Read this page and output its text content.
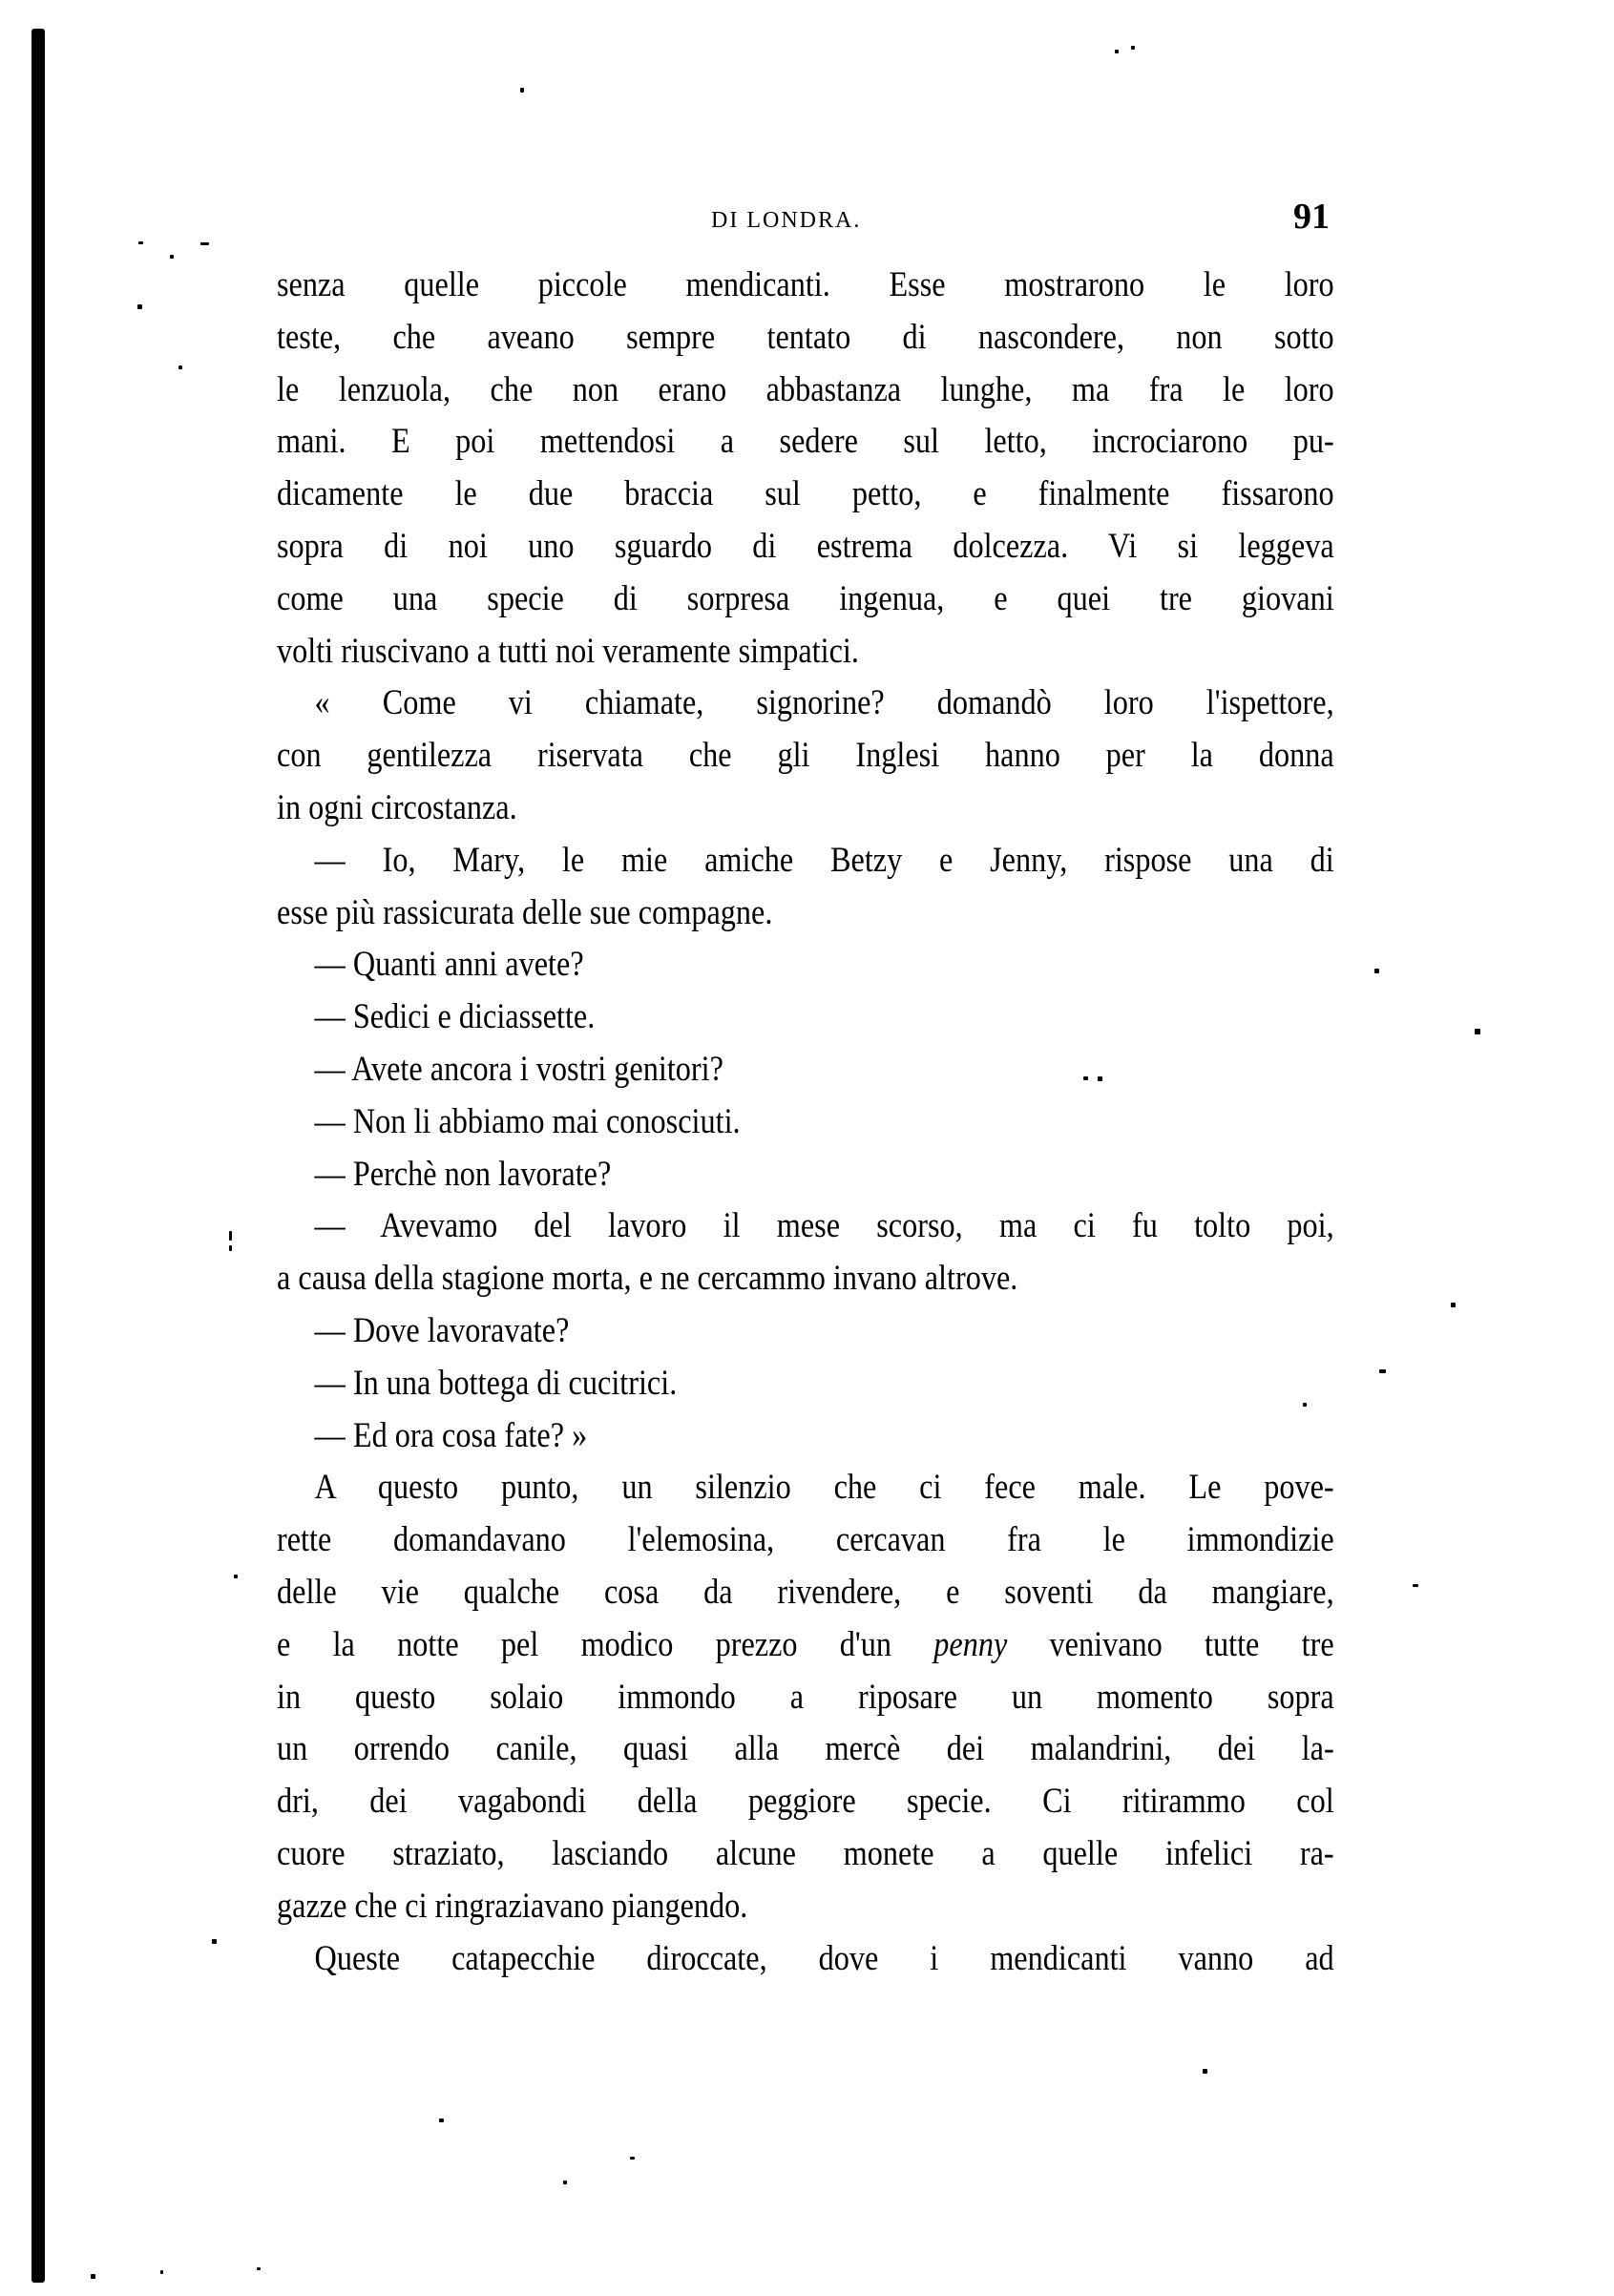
DI LONDRA.	91
senza quelle piccole mendicanti. Esse mostrarono le loro
teste, che aveano sempre tentato di nascondere, non sotto
le lenzuola, che non erano abbastanza lunghe, ma fra le loro
mani. E poi mettendosi a sedere sul letto, incrociarono pu-
dicamente le due braccia sul petto, e finalmente fissarono
sopra di noi uno sguardo di estrema dolcezza. Vi si leggeva
come una specie di sorpresa ingenua, e quei tre giovani
volti riuscivano a tutti noi veramente simpatici.
« Come vi chiamate, signorine? domandò loro l'ispettore,
con gentilezza riservata che gli Inglesi hanno per la donna
in ogni circostanza.
— Io, Mary, le mie amiche Betzy e Jenny, rispose una di
esse più rassicurata delle sue compagne.
— Quanti anni avete?
— Sedici e diciassette.
— Avete ancora i vostri genitori?
— Non li abbiamo mai conosciuti.
— Perchè non lavorate?
— Avevamo del lavoro il mese scorso, ma ci fu tolto poi,
a causa della stagione morta, e ne cercammo invano altrove.
— Dove lavoravate?
— In una bottega di cucitrici.
— Ed ora cosa fate? »
A questo punto, un silenzio che ci fece male. Le pove-
rette domandavano l'elemosina, cercavan fra le immondizie
delle vie qualche cosa da rivendere, e soventi da mangiare,
e la notte pel modico prezzo d'un penny venivano tutte tre
in questo solaio immondo a riposare un momento sopra
un orrendo canile, quasi alla mercè dei malandrini, dei la-
dri, dei vagabondi della peggiore specie. Ci ritirammo col
cuore straziato, lasciando alcune monete a quelle infelici ra-
gazze che ci ringraziavano piangendo.
Queste catapecchie diroccate, dove i mendicanti vanno ad
